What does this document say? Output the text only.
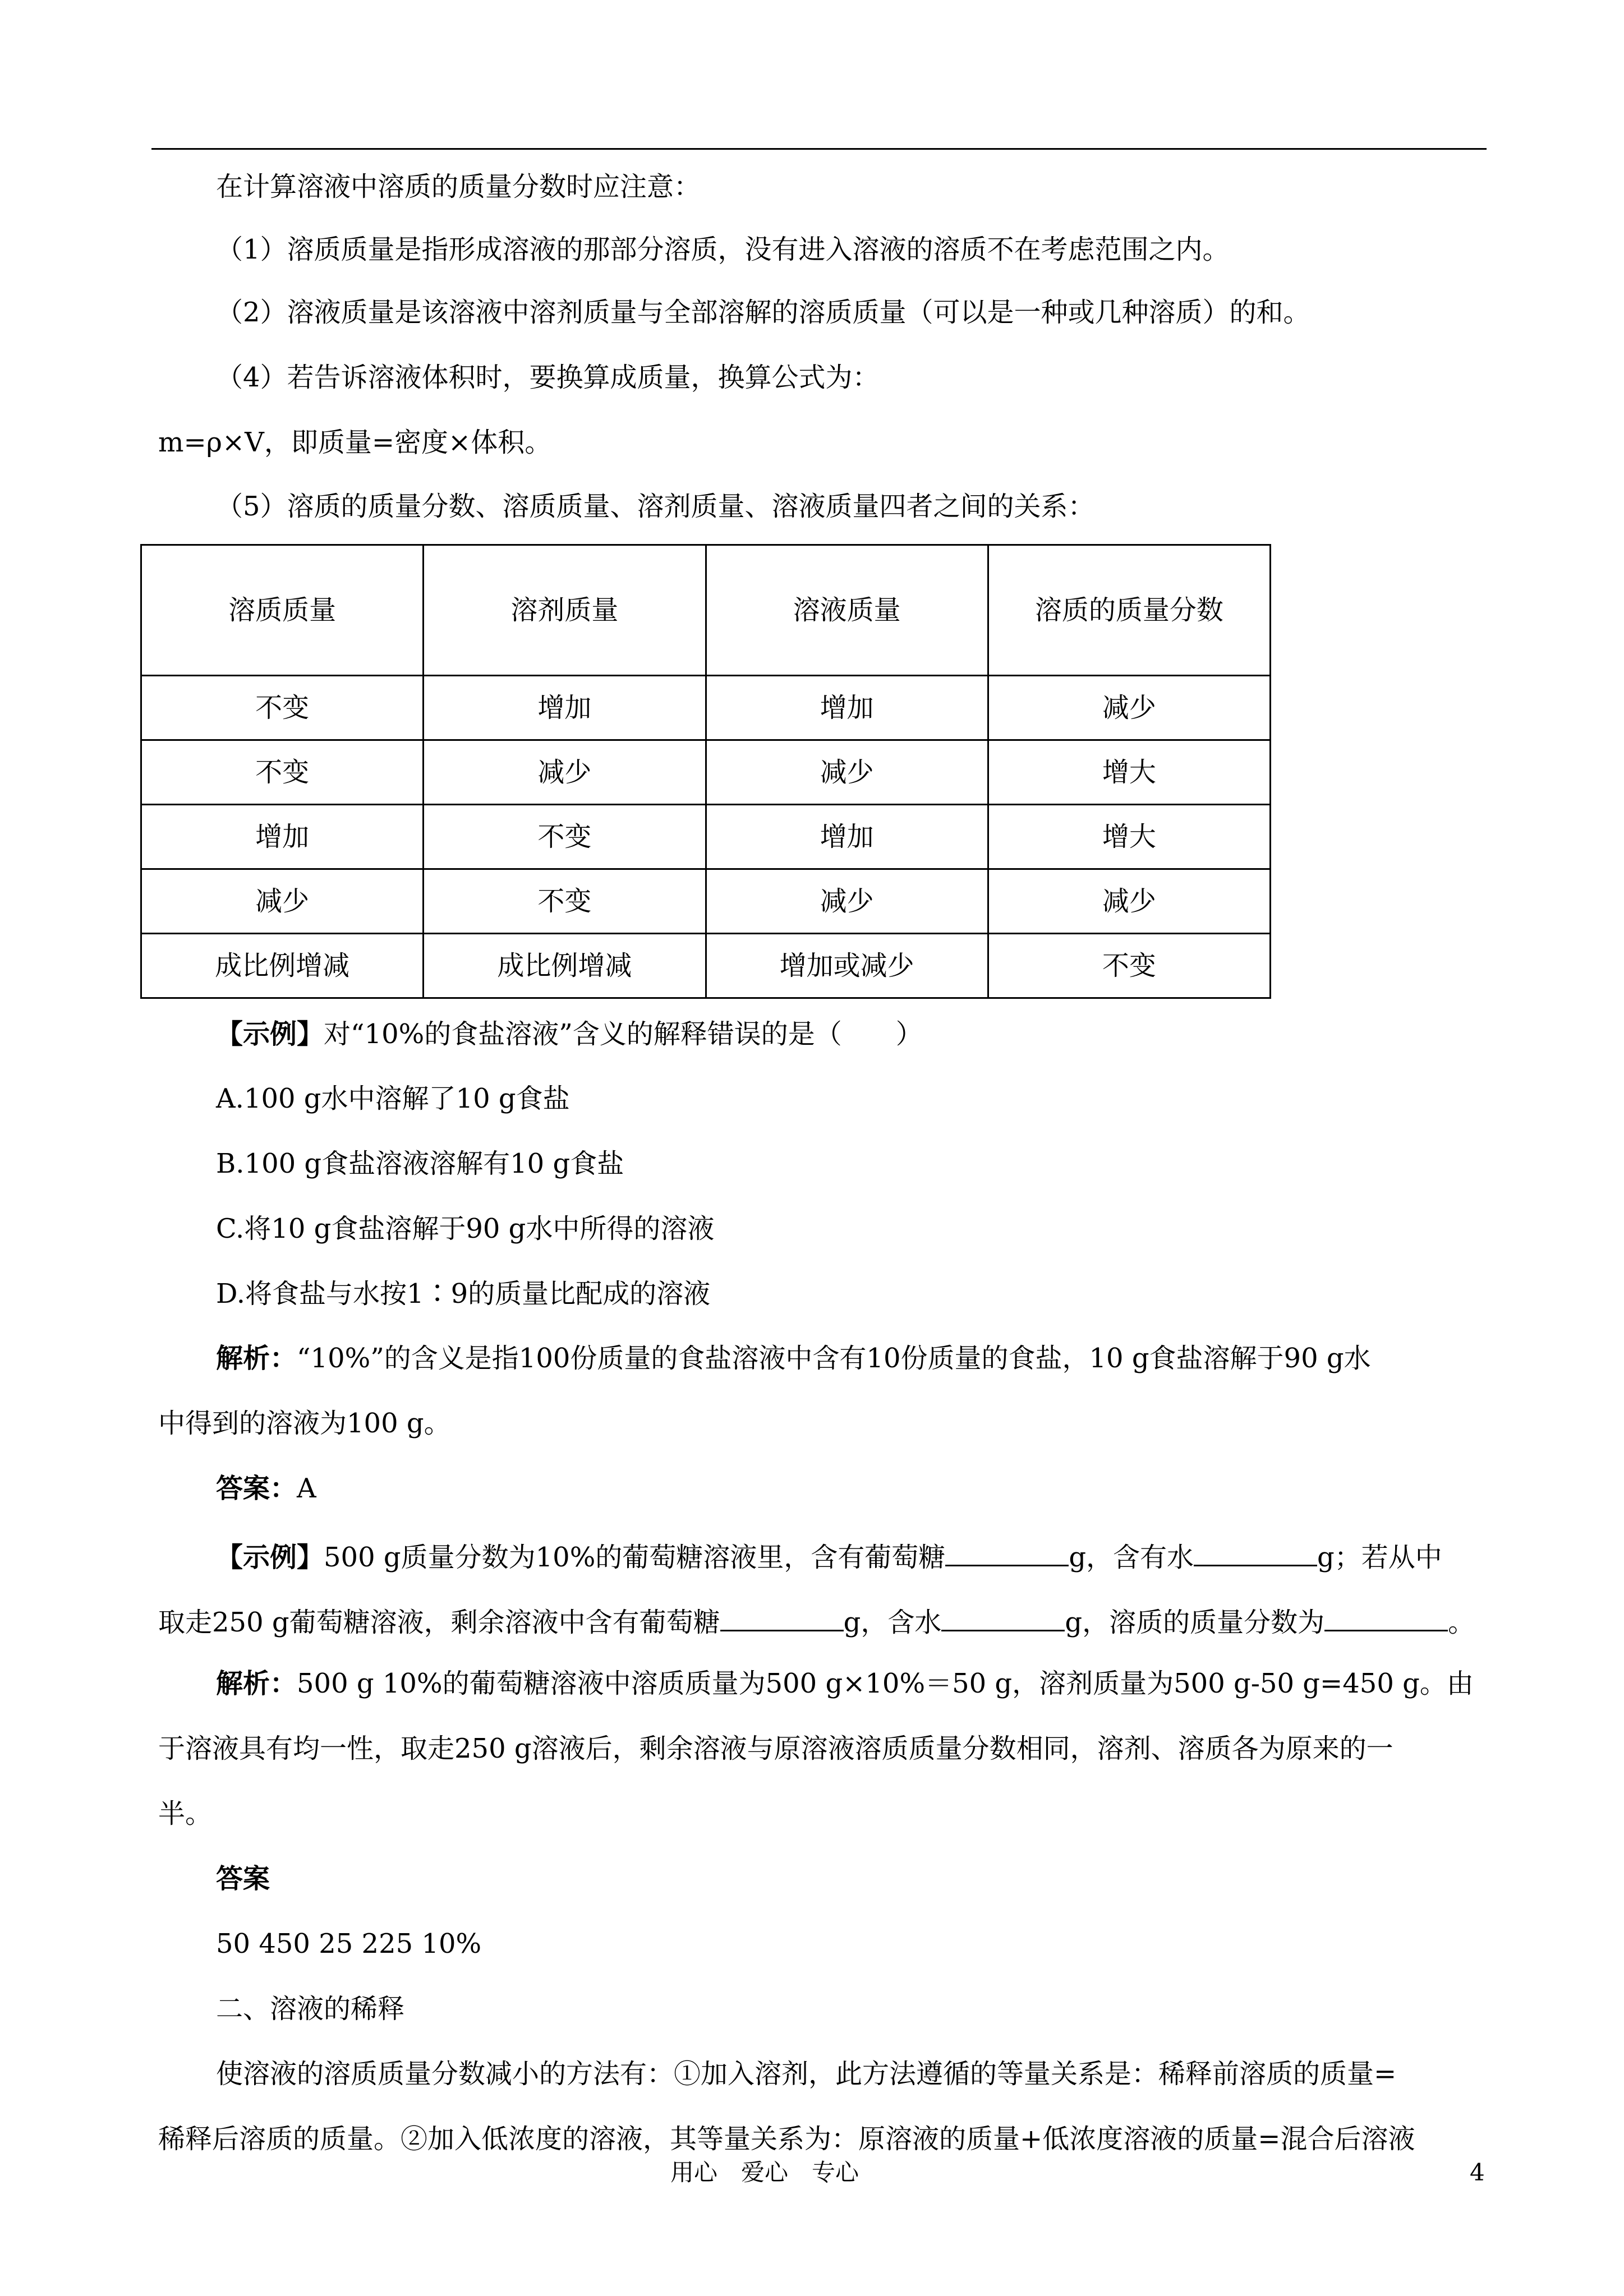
在计算溶液中溶质的质量分数时应注意：
（1）溶质质量是指形成溶液的那部分溶质，没有进入溶液的溶质不在考虑范围之内。
（2）溶液质量是该溶液中溶剂质量与全部溶解的溶质质量（可以是一种或几种溶质）的和。
（4）若告诉溶液体积时，要换算成质量，换算公式为：
m=ρ×V，即质量=密度×体积。
（5）溶质的质量分数、溶质质量、溶剂质量、溶液质量四者之间的关系：
溶质质量	溶剂质量	溶液质量	溶质的质量分数
不变	增加	增加	减少
不变	减少	减少	增大
增加	不变	增加	增大
减少	不变	减少	减少
成比例增减	成比例增减	增加或减少	不变
【示例】对“10%的食盐溶液”含义的解释错误的是（　　）
A.100 g水中溶解了10 g食盐
B.100 g食盐溶液溶解有10 g食盐
C.将10 g食盐溶解于90 g水中所得的溶液
D.将食盐与水按1∶9的质量比配成的溶液
解析：“10%”的含义是指100份质量的食盐溶液中含有10份质量的食盐，10 g食盐溶解于90 g水
中得到的溶液为100 g。
答案：A
【示例】500 g质量分数为10%的葡萄糖溶液里，含有葡萄糖	g，含有水	g；若从中
取走250 g葡萄糖溶液，剩余溶液中含有葡萄糖	g，含水	g，溶质的质量分数为	。
解析：500 g 10%的葡萄糖溶液中溶质质量为500 g×10%＝50 g，溶剂质量为500 g-50 g=450 g。由
于溶液具有均一性，取走250 g溶液后，剩余溶液与原溶液溶质质量分数相同，溶剂、溶质各为原来的一
半。
答案
50 450 25 225 10%
二、溶液的稀释
使溶液的溶质质量分数减小的方法有：①加入溶剂，此方法遵循的等量关系是：稀释前溶质的质量=
稀释后溶质的质量。②加入低浓度的溶液，其等量关系为：原溶液的质量+低浓度溶液的质量=混合后溶液
用心　爱心　专心	4
